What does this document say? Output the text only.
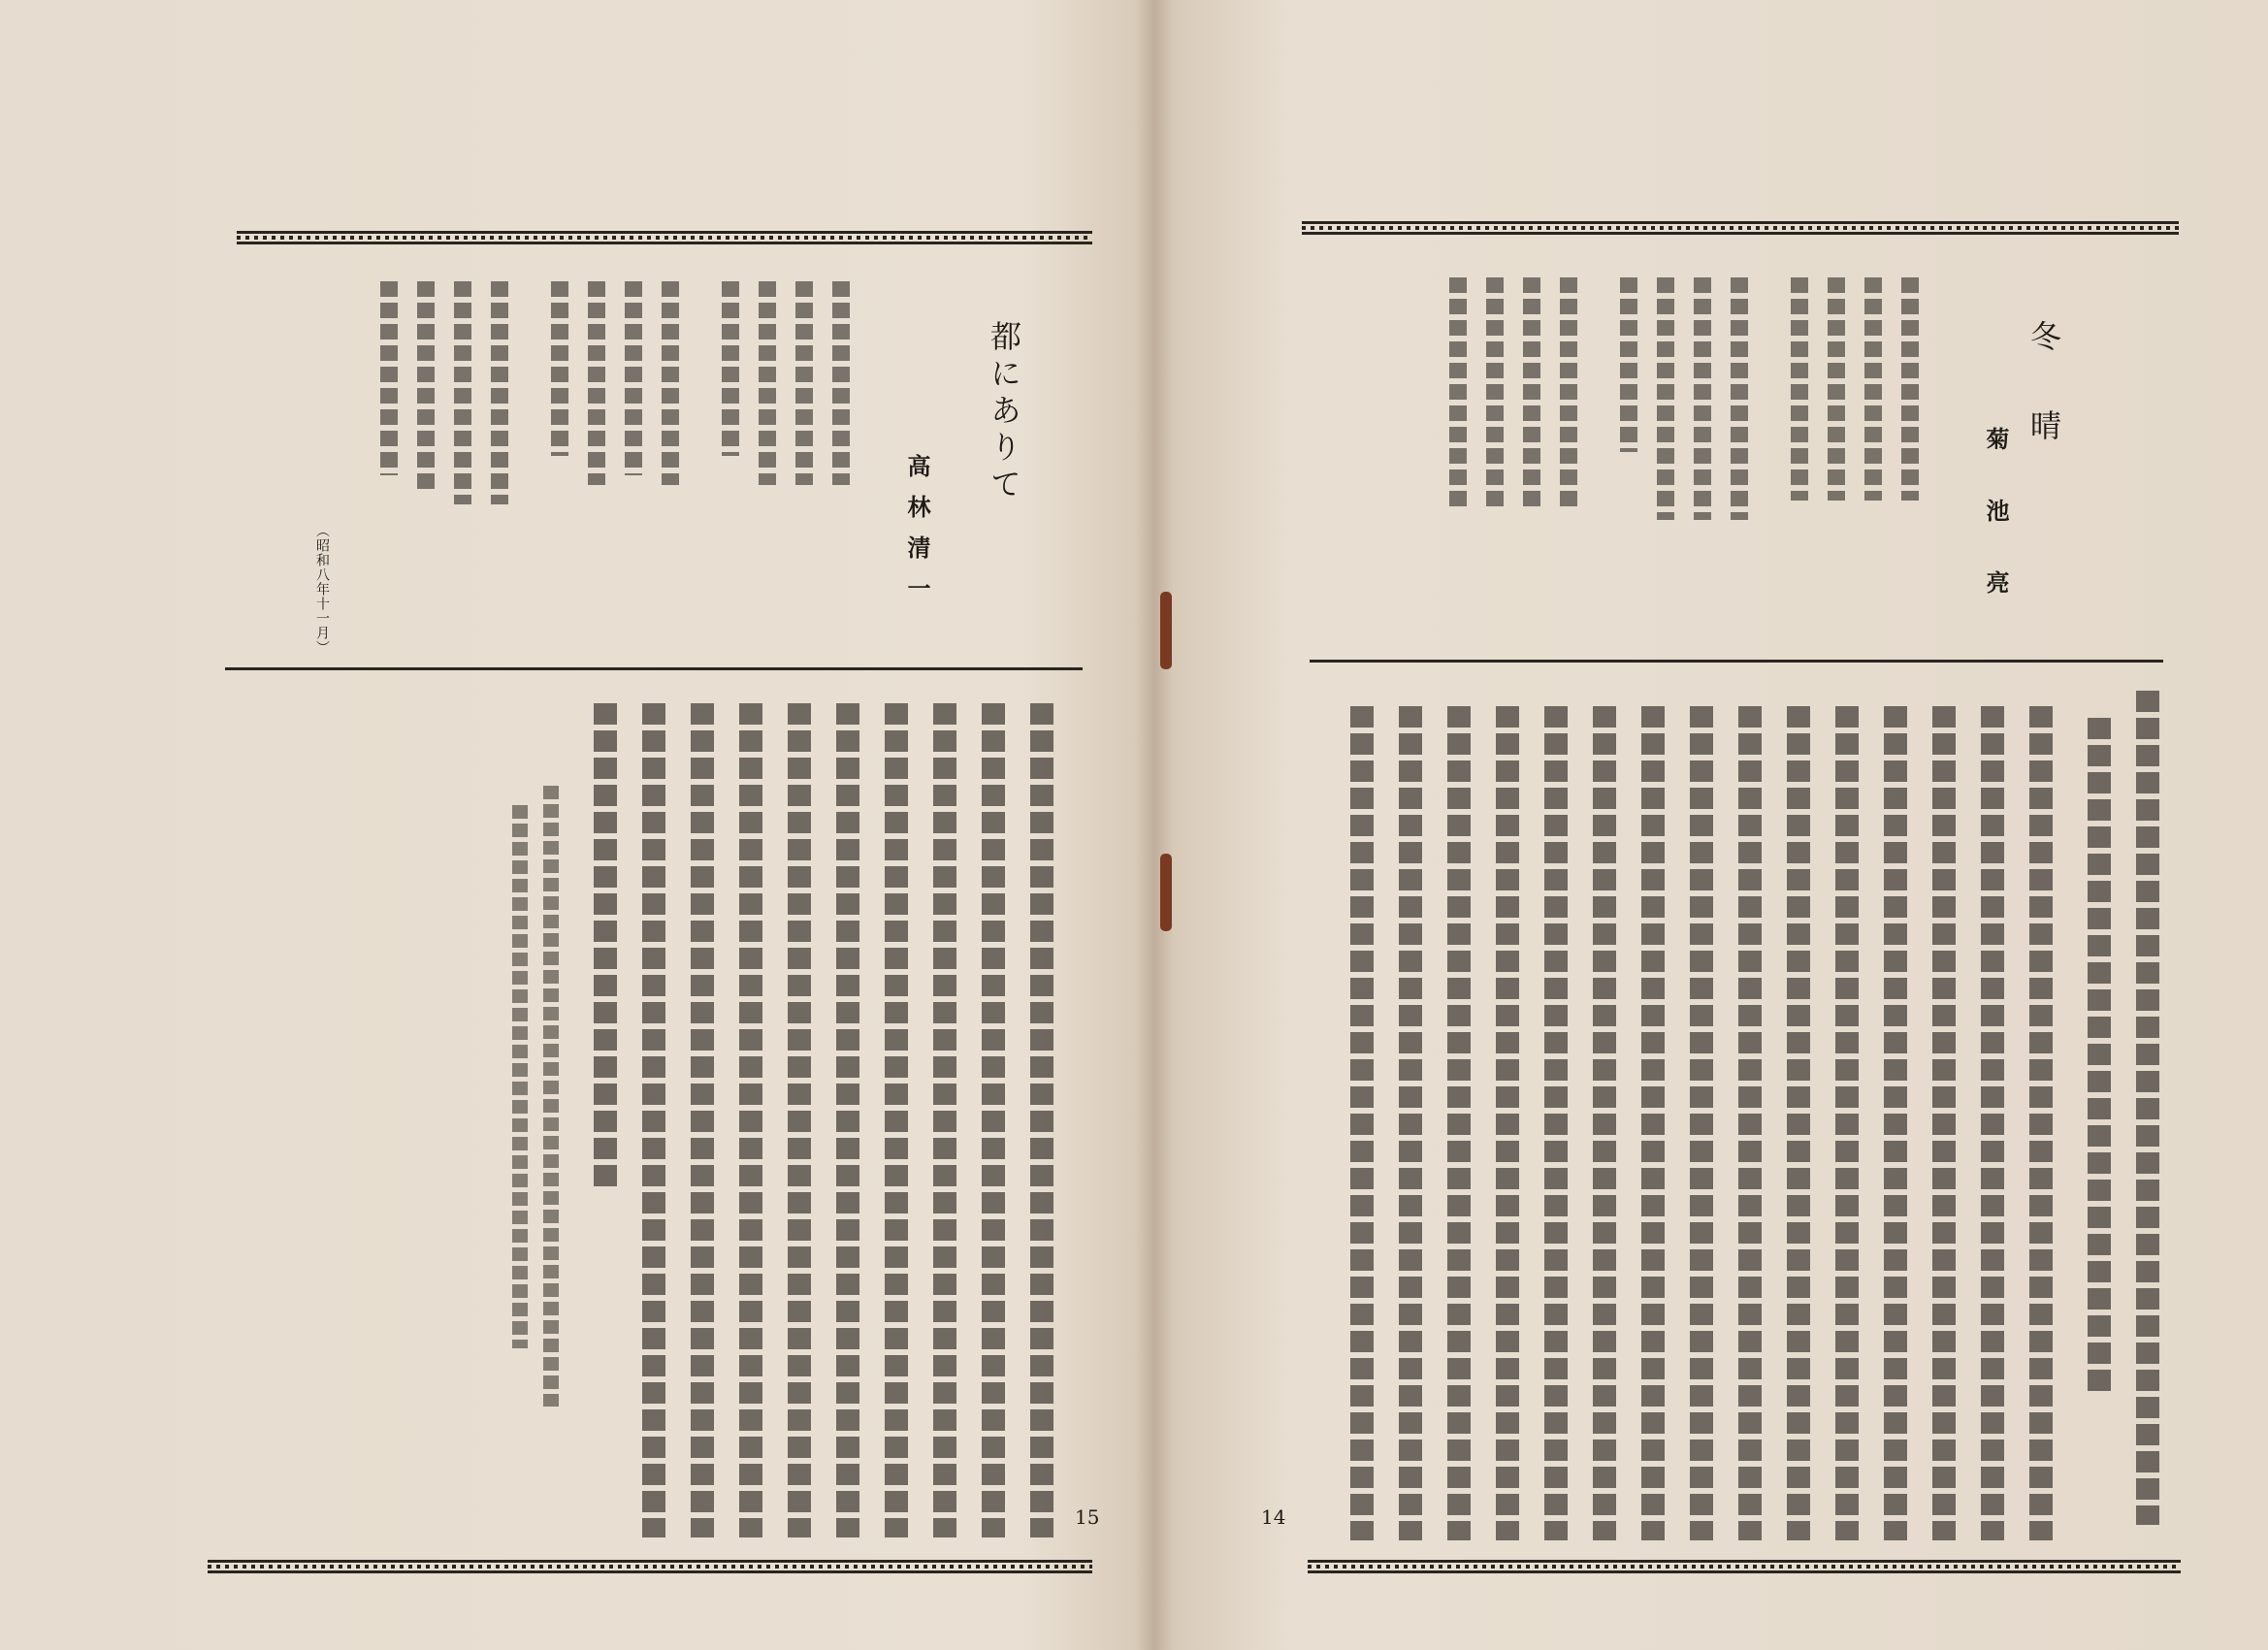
都にありて
高林清一
（昭和八年十一月）
15
冬晴
菊池亮
14
